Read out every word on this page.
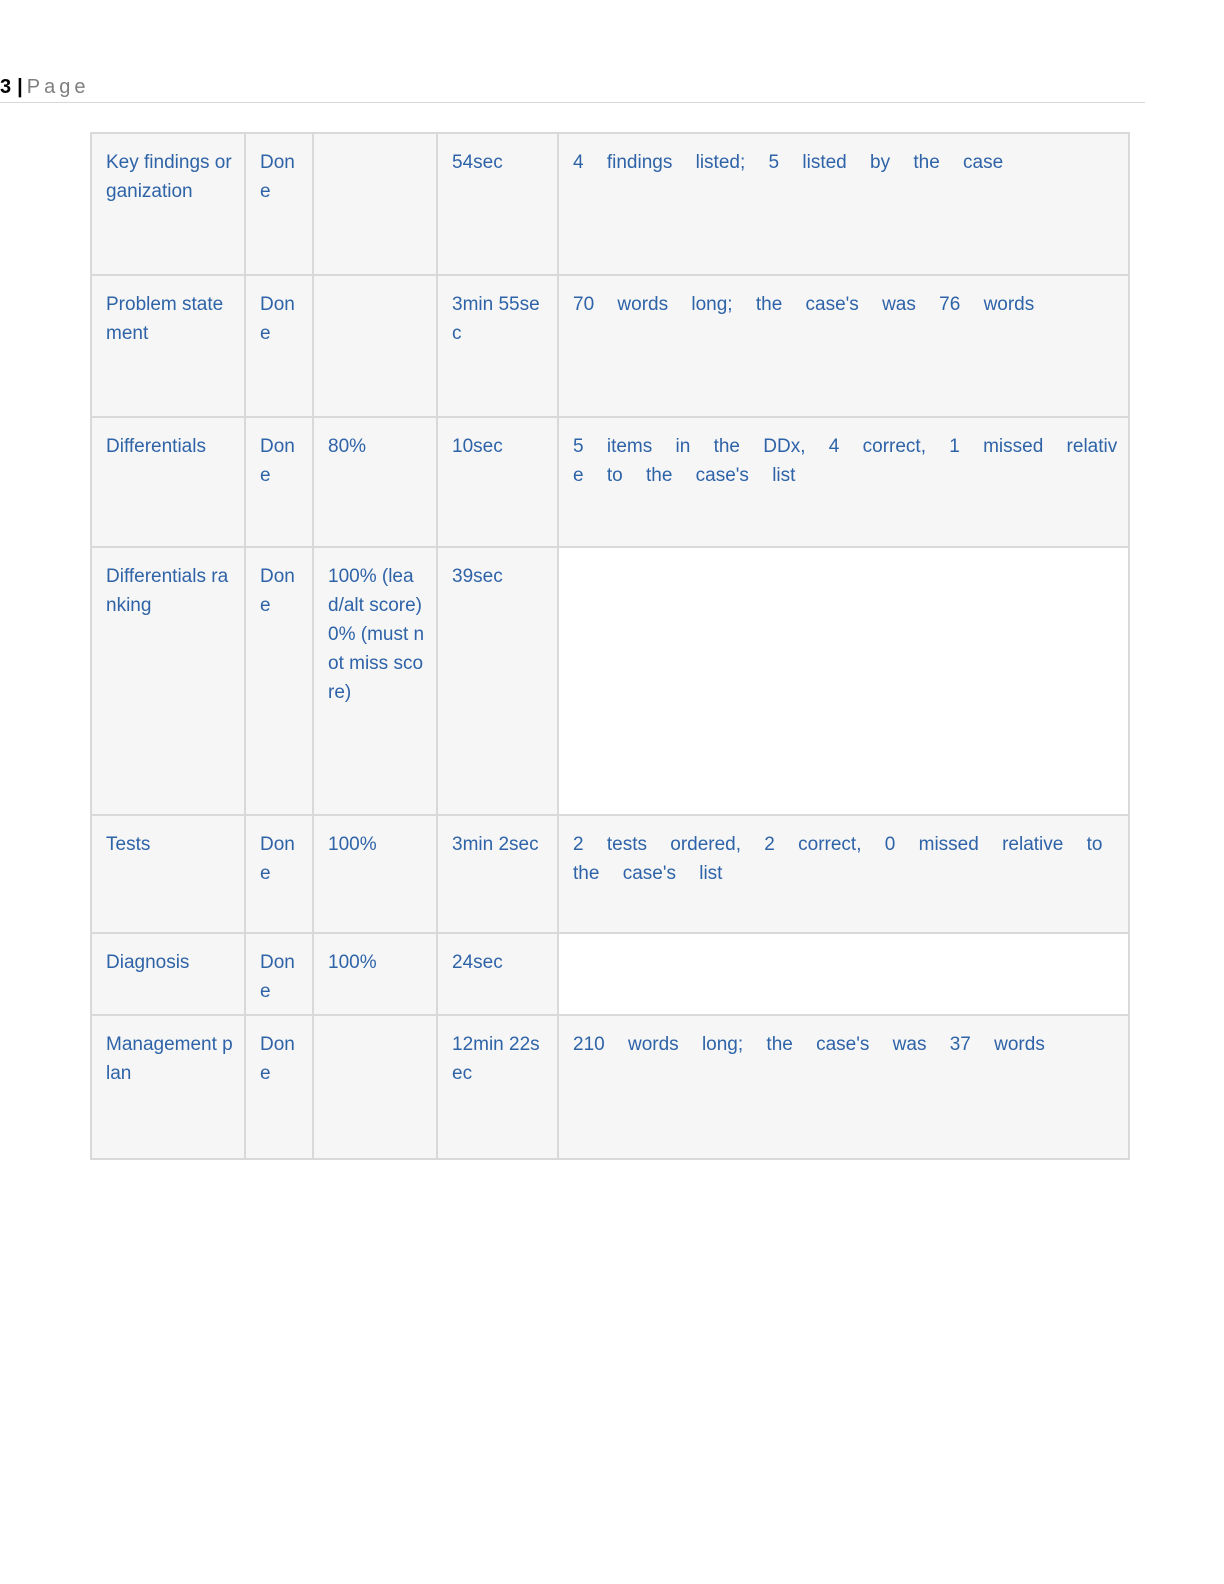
3 | Page
Key findings organization	Done		54sec	4 findings listed; 5 listed by the case
Problem statement	Done		3min 55sec	70 words long; the case's was 76 words
Differentials	Done	80%	10sec	5 items in the DDx, 4 correct, 1 missed relative to the case's list
Differentials ranking	Done	100% (lead/alt score) 0% (must not miss score)	39sec	
Tests	Done	100%	3min 2sec	2 tests ordered, 2 correct, 0 missed relative to the case's list
Diagnosis	Done	100%	24sec	
Management plan	Done		12min 22sec	210 words long; the case's was 37 words
